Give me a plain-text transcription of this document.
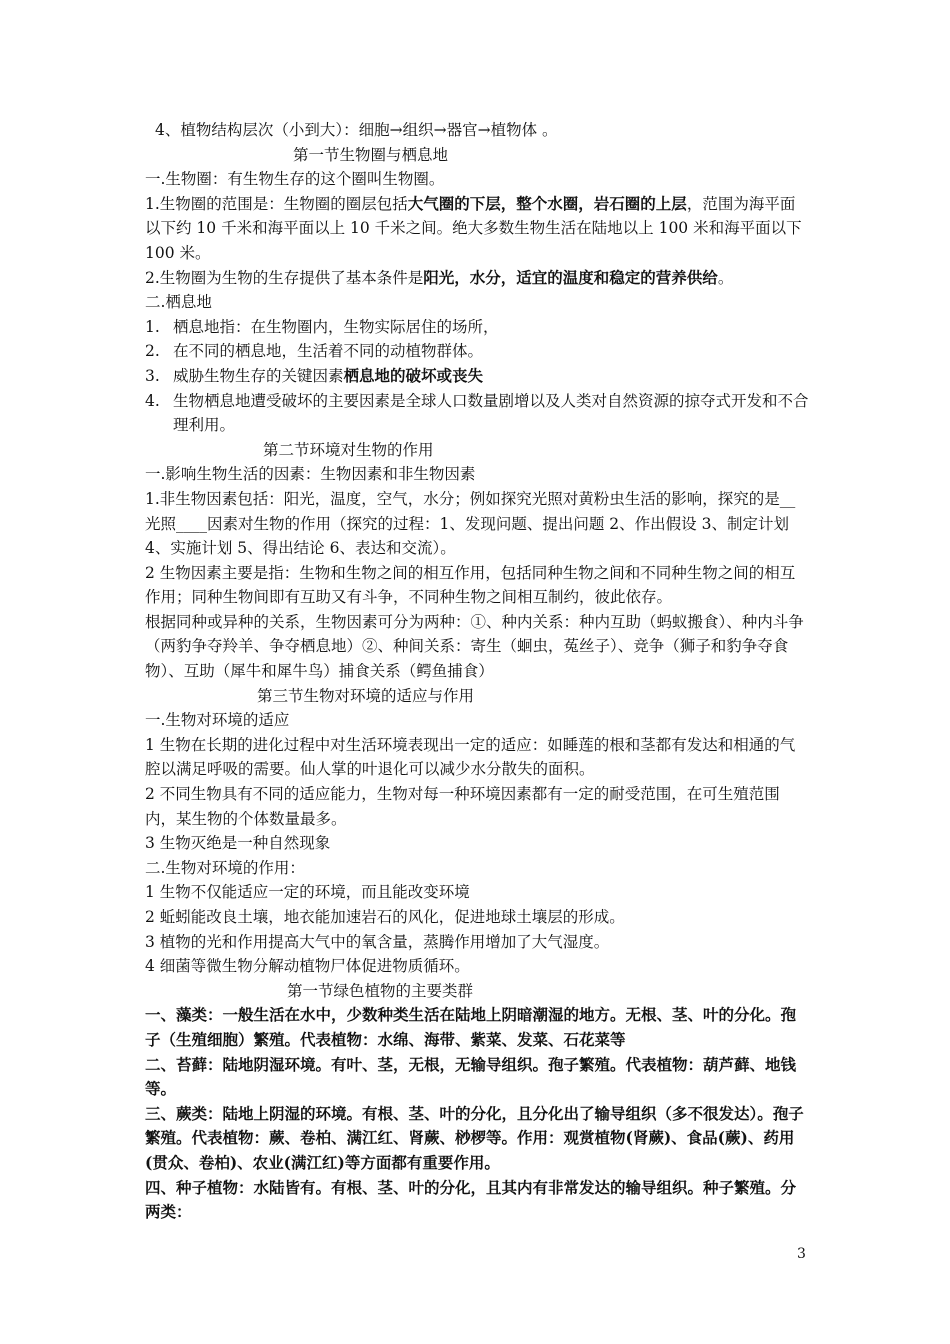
4、植物结构层次（小到大）：细胞→组织→器官→植物体 。

第一节生物圈与栖息地

一.生物圈：有生物生存的这个圈叫生物圈。

1.生物圈的范围是：生物圈的圈层包括大气圈的下层，整个水圈，岩石圈的上层，范围为海平面以下约 10 千米和海平面以上 10 千米之间。绝大多数生物生活在陆地以上 100 米和海平面以下 100 米。

2.生物圈为生物的生存提供了基本条件是阳光，水分，适宜的温度和稳定的营养供给。

二.栖息地

1. 栖息地指：在生物圈内，生物实际居住的场所，

2. 在不同的栖息地，生活着不同的动植物群体。

3. 威胁生物生存的关键因素栖息地的破坏或丧失

4. 生物栖息地遭受破坏的主要因素是全球人口数量剧增以及人类对自然资源的掠夺式开发和不合理利用。

第二节环境对生物的作用

一.影响生物生活的因素：生物因素和非生物因素

1.非生物因素包括：阳光，温度，空气，水分；例如探究光照对黄粉虫生活的影响，探究的是__光照____因素对生物的作用（探究的过程：1、发现问题、提出问题 2、作出假设 3、制定计划 4、实施计划 5、得出结论 6、表达和交流）。

2 生物因素主要是指：生物和生物之间的相互作用，包括同种生物之间和不同种生物之间的相互作用；同种生物间即有互助又有斗争，不同种生物之间相互制约，彼此依存。

根据同种或异种的关系，生物因素可分为两种：①、种内关系：种内互助（蚂蚁搬食）、种内斗争（两豹争夺羚羊、争夺栖息地）②、种间关系：寄生（蛔虫，菟丝子）、竞争（狮子和豹争夺食物）、互助（犀牛和犀牛鸟）捕食关系（鳄鱼捕食）

第三节生物对环境的适应与作用

一.生物对环境的适应

1 生物在长期的进化过程中对生活环境表现出一定的适应：如睡莲的根和茎都有发达和相通的气腔以满足呼吸的需要。仙人掌的叶退化可以减少水分散失的面积。

2 不同生物具有不同的适应能力，生物对每一种环境因素都有一定的耐受范围，在可生殖范围内，某生物的个体数量最多。

3 生物灭绝是一种自然现象

二.生物对环境的作用：

1 生物不仅能适应一定的环境，而且能改变环境

2 蚯蚓能改良土壤，地衣能加速岩石的风化，促进地球土壤层的形成。

3 植物的光和作用提高大气中的氧含量，蒸腾作用增加了大气湿度。

4 细菌等微生物分解动植物尸体促进物质循环。

第一节绿色植物的主要类群

一、藻类：一般生活在水中，少数种类生活在陆地上阴暗潮湿的地方。无根、茎、叶的分化。孢子（生殖细胞）繁殖。代表植物：水绵、海带、紫菜、发菜、石花菜等

二、苔藓：陆地阴湿环境。有叶、茎，无根，无输导组织。孢子繁殖。代表植物：葫芦藓、地钱等。

三、蕨类：陆地上阴湿的环境。有根、茎、叶的分化，且分化出了输导组织（多不很发达）。孢子繁殖。代表植物：蕨、卷柏、满江红、肾蕨、桫椤等。作用：观赏植物(肾蕨)、食品(蕨)、药用(贯众、卷柏)、农业(满江红)等方面都有重要作用。

四、种子植物：水陆皆有。有根、茎、叶的分化，且其内有非常发达的输导组织。种子繁殖。分两类：

3
